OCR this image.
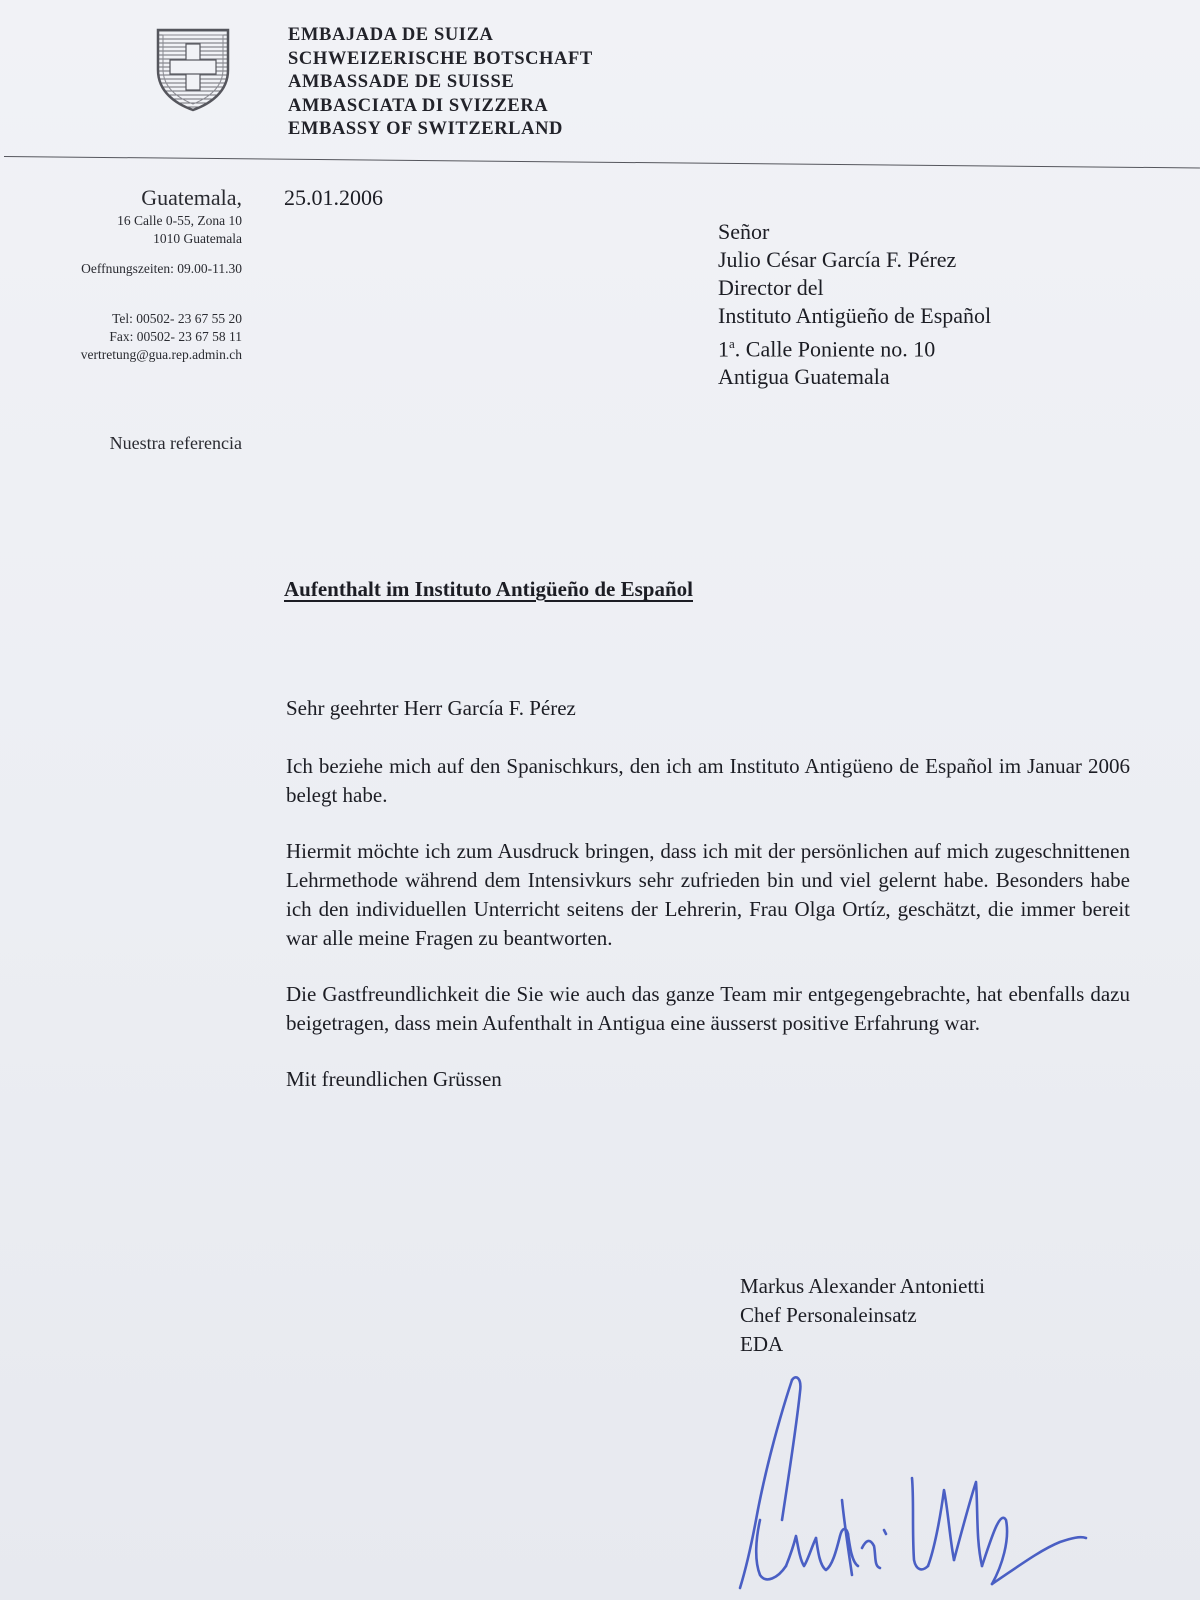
EMBAJADA DE SUIZA
SCHWEIZERISCHE BOTSCHAFT
AMBASSADE DE SUISSE
AMBASCIATA DI SVIZZERA
EMBASSY OF SWITZERLAND
Guatemala,
16 Calle 0-55, Zona 10
1010 Guatemala
Oeffnungszeiten: 09.00-11.30
Tel: 00502- 23 67 55 20
Fax: 00502- 23 67 58 11
vertretung@gua.rep.admin.ch
Nuestra referencia
25.01.2006
Señor
Julio César García F. Pérez
Director del
Instituto Antigüeño de Español
1$^a$. Calle Poniente no. 10
Antigua Guatemala
Aufenthalt im Instituto Antigüeño de Español

Sehr geehrter Herr García F. Pérez

Ich beziehe mich auf den Spanischkurs, den ich am Instituto Antigüeno de Español im Januar 2006 belegt habe.

Hiermit möchte ich zum Ausdruck bringen, dass ich mit der persönlichen auf mich zugeschnittenen Lehrmethode während dem Intensivkurs sehr zufrieden bin und viel gelernt habe. Besonders habe ich den individuellen Unterricht seitens der Lehrerin, Frau Olga Ortíz, geschätzt, die immer bereit war alle meine Fragen zu beantworten.

Die Gastfreundlichkeit die Sie wie auch das ganze Team mir entgegengebrachte, hat ebenfalls dazu beigetragen, dass mein Aufenthalt in Antigua eine äusserst positive Erfahrung war.

Mit freundlichen Grüssen

Markus Alexander Antonietti
Chef Personaleinsatz
EDA
